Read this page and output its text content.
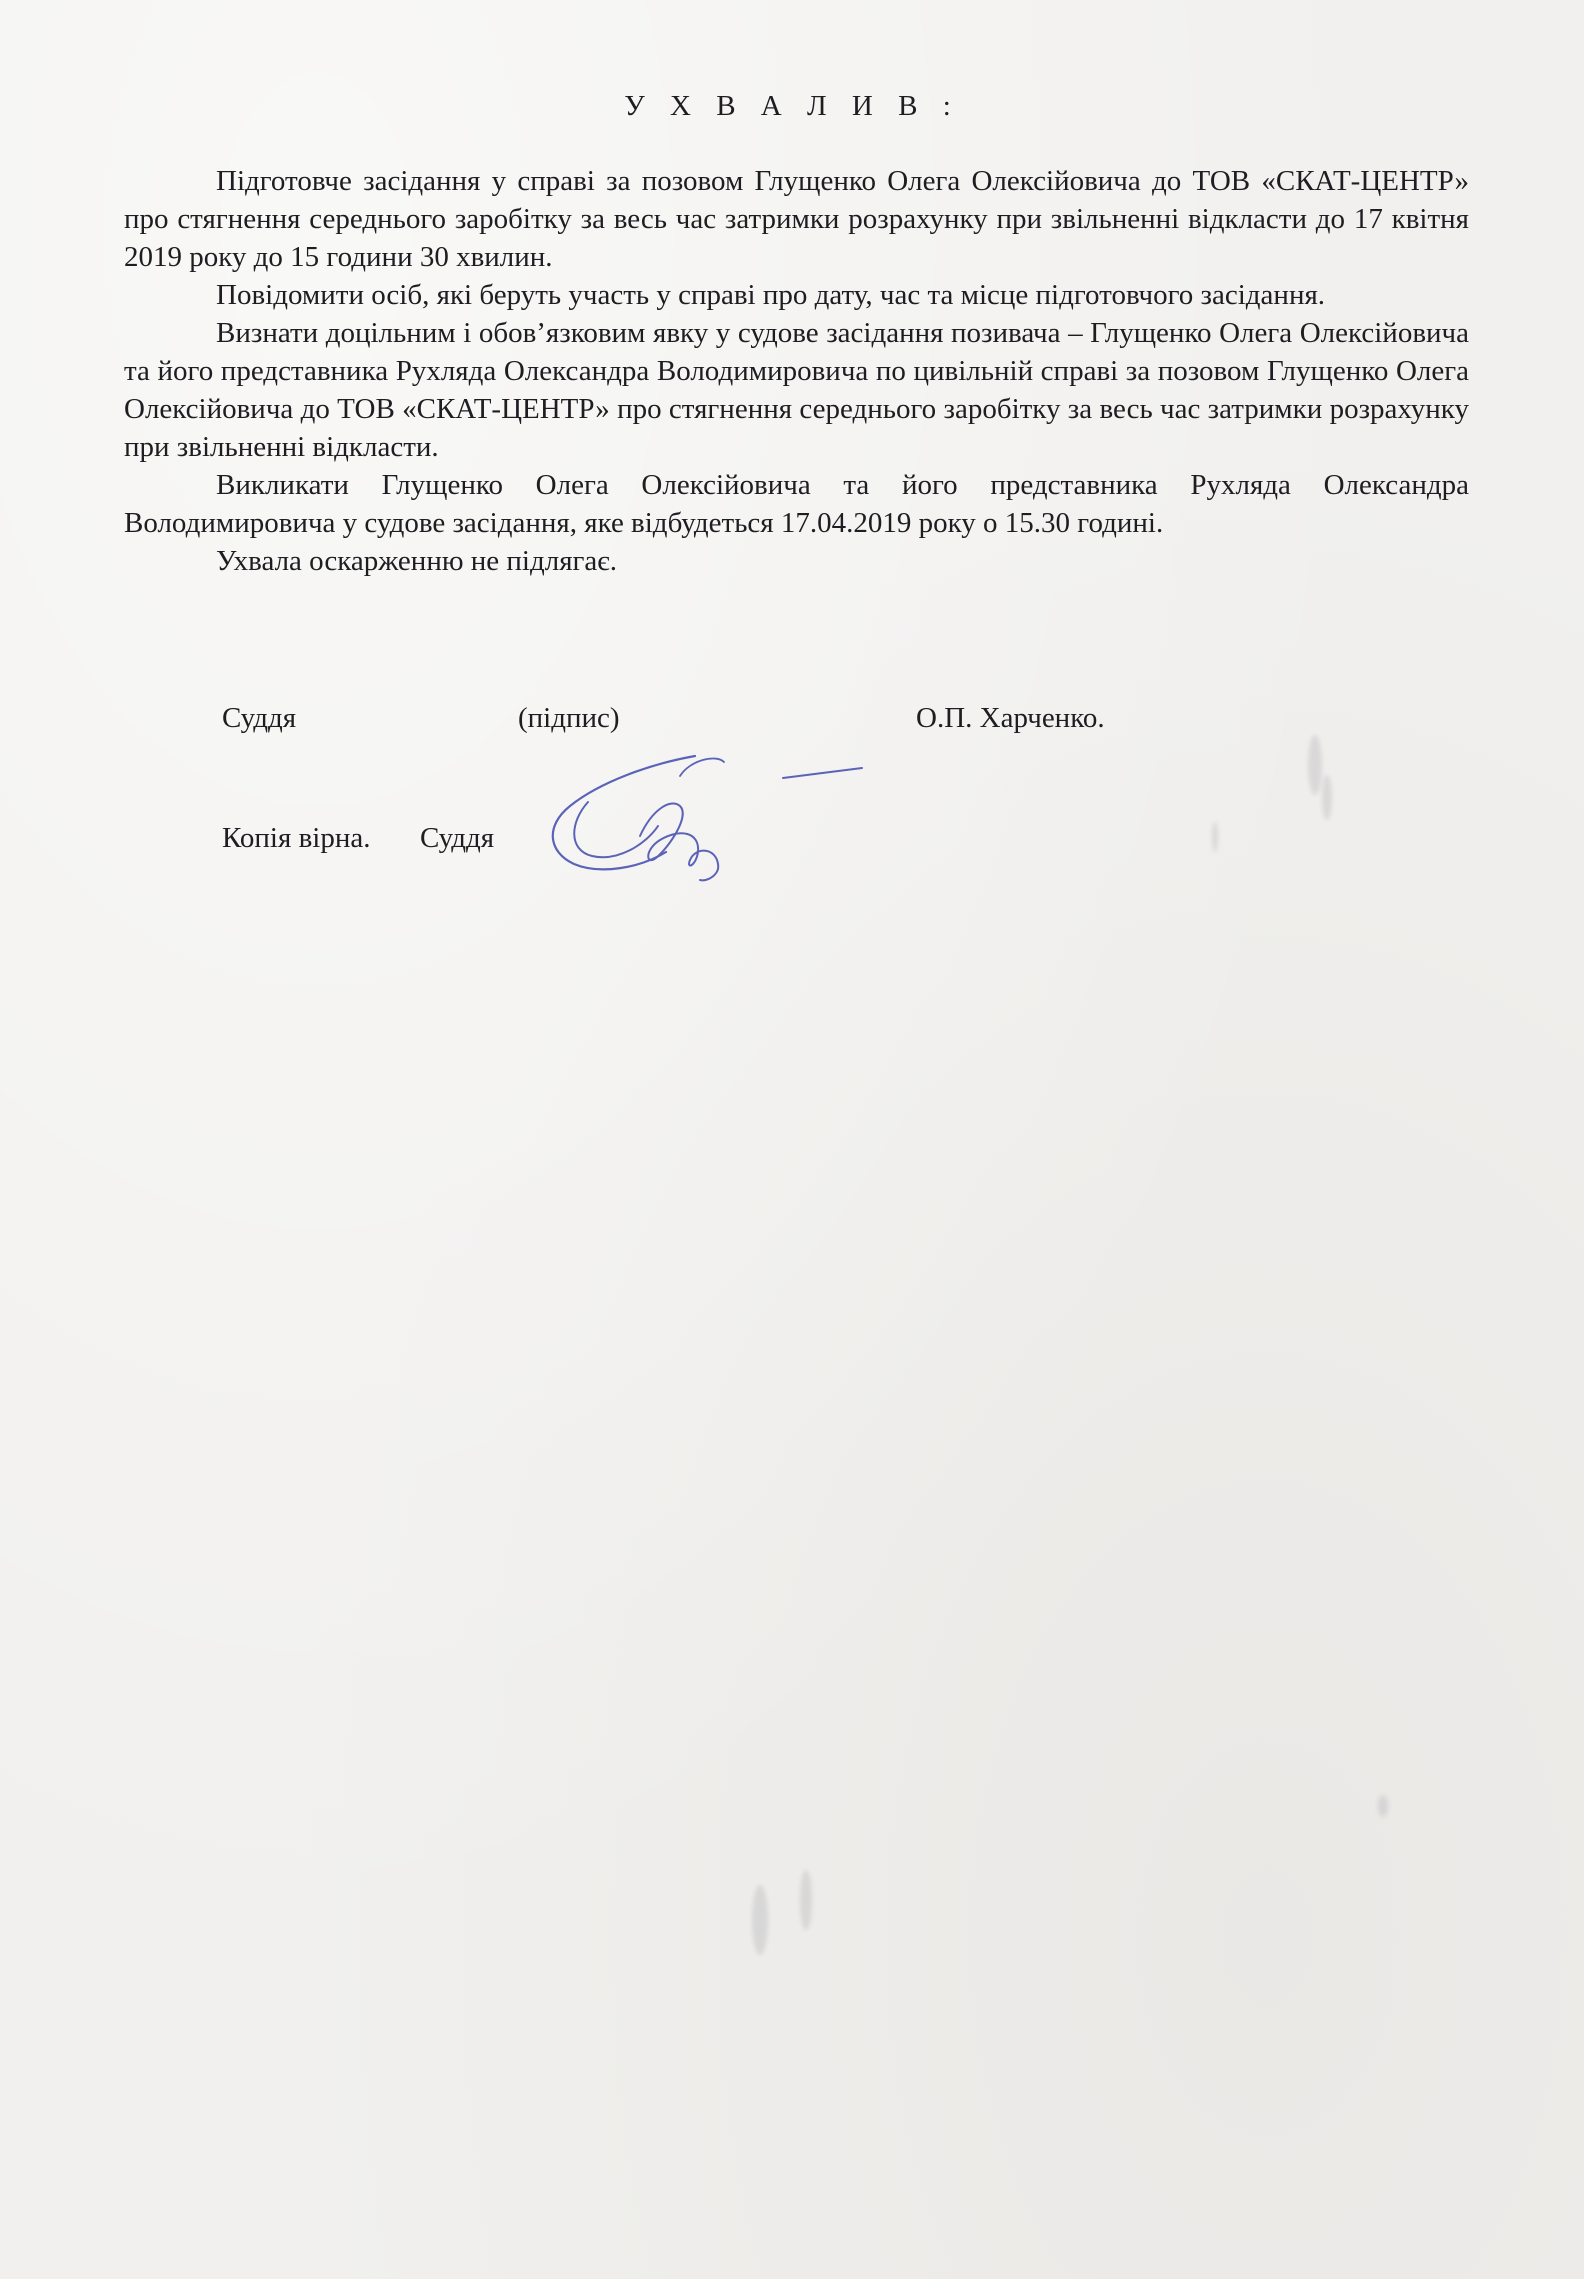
У Х В А Л И В :

Підготовче засідання у справі за позовом Глущенко Олега Олексійовича до ТОВ «СКАТ-ЦЕНТР» про стягнення середнього заробітку за весь час затримки розрахунку при звільненні відкласти до 17 квітня 2019 року до 15 години 30 хвилин.

Повідомити осіб, які беруть участь у справі про дату, час та місце підготовчого засідання.

Визнати доцільним і обов’язковим явку у судове засідання позивача – Глущенко Олега Олексійовича та його представника Рухляда Олександра Володимировича по цивільній справі за позовом Глущенко Олега Олексійовича до ТОВ «СКАТ-ЦЕНТР» про стягнення середнього заробітку за весь час затримки розрахунку при звільненні відкласти.

Викликати Глущенко Олега Олексійовича та його представника Рухляда Олександра Володимировича у судове засідання, яке відбудеться 17.04.2019 року о 15.30 годині.

Ухвала оскарженню не підлягає.

Суддя	(підпис)	О.П. Харченко.
Копія вірна. Суддя
